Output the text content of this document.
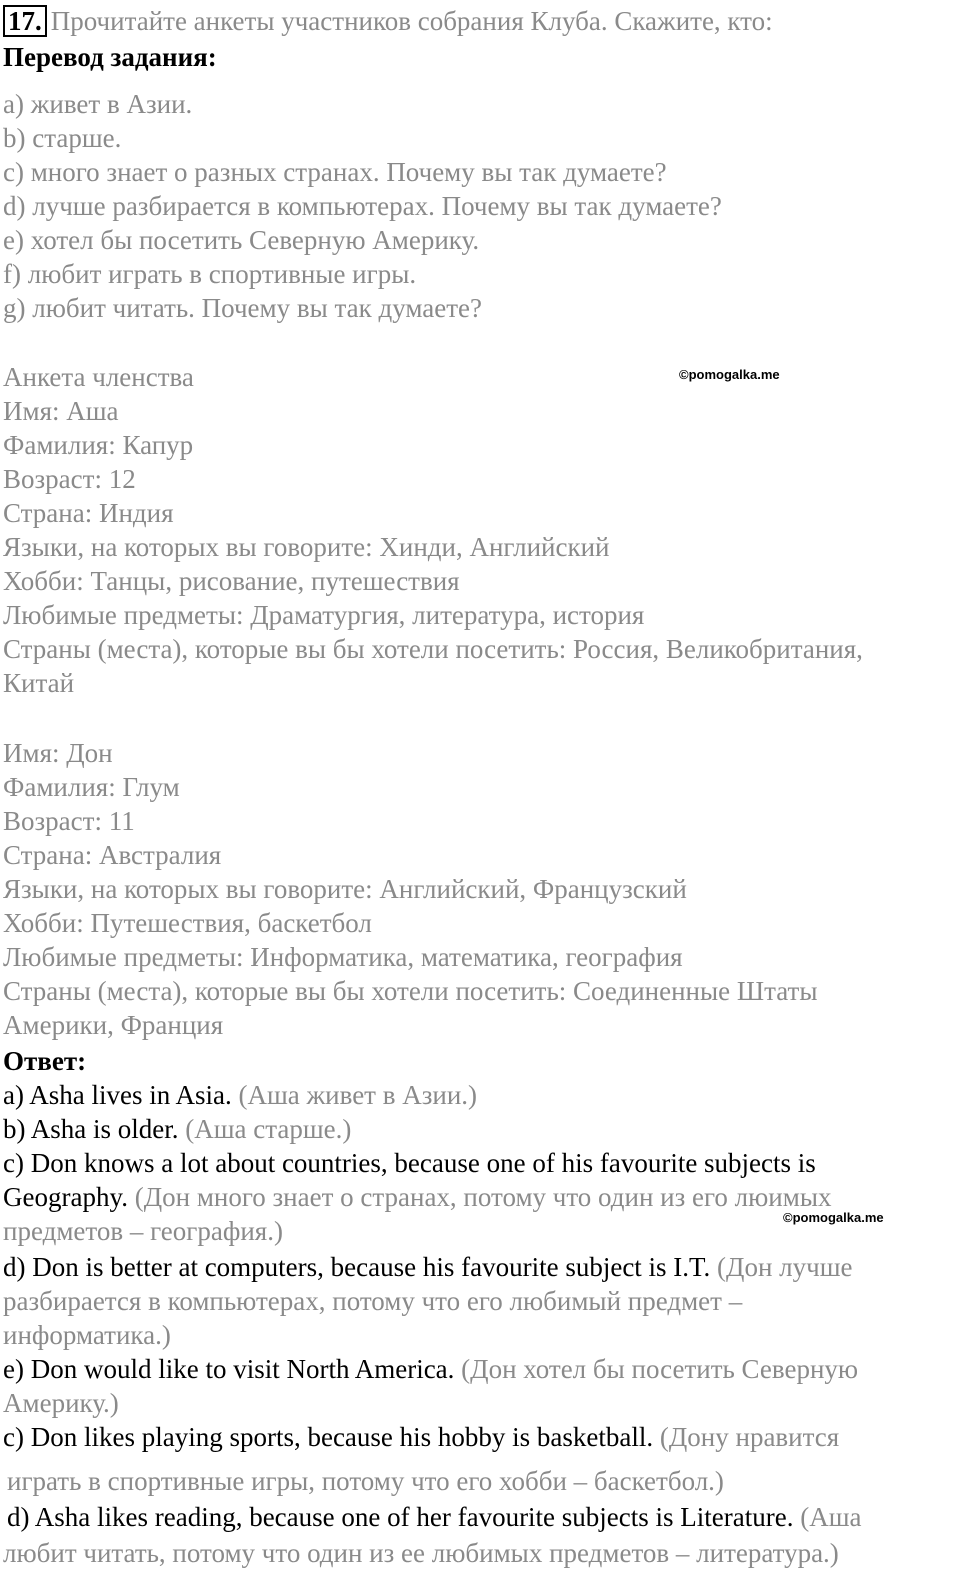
17. Прочитайте анкеты участников собрания Клуба. Скажите, кто:
Перевод задания:
a) живет в Азии.
b) старше.
c) много знает о разных странах. Почему вы так думаете?
d) лучше разбирается в компьютерах. Почему вы так думаете?
e) хотел бы посетить Северную Америку.
f) любит играть в спортивные игры.
g) любит читать. Почему вы так думаете?
Анкета членства	©pomogalka.me
Имя: Аша
Фамилия: Капур
Возраст: 12
Страна: Индия
Языки, на которых вы говорите: Хинди, Английский
Хобби: Танцы, рисование, путешествия
Любимые предметы: Драматургия, литература, история
Страны (места), которые вы бы хотели посетить: Россия, Великобритания,
Китай
Имя: Дон
Фамилия: Глум
Возраст: 11
Страна: Австралия
Языки, на которых вы говорите: Английский, Французский
Хобби: Путешествия, баскетбол
Любимые предметы: Информатика, математика, география
Страны (места), которые вы бы хотели посетить: Соединенные Штаты
Америки, Франция
Ответ:
a) Asha lives in Asia. (Аша живет в Азии.)
b) Asha is older. (Аша старше.)
c) Don knows a lot about countries, because one of his favourite subjects is
Geography. (Дон много знает о странах, потому что один из его люимых
предметов – география.)	©pomogalka.me
d) Don is better at computers, because his favourite subject is I.T. (Дон лучше
разбирается в компьютерах, потому что его любимый предмет –
информатика.)
e) Don would like to visit North America. (Дон хотел бы посетить Северную
Америку.)
c) Don likes playing sports, because his hobby is basketball. (Дону нравится
играть в спортивные игры, потому что его хобби – баскетбол.)
d) Asha likes reading, because one of her favourite subjects is Literature. (Аша
любит читать, потому что один из ее любимых предметов – литература.)
